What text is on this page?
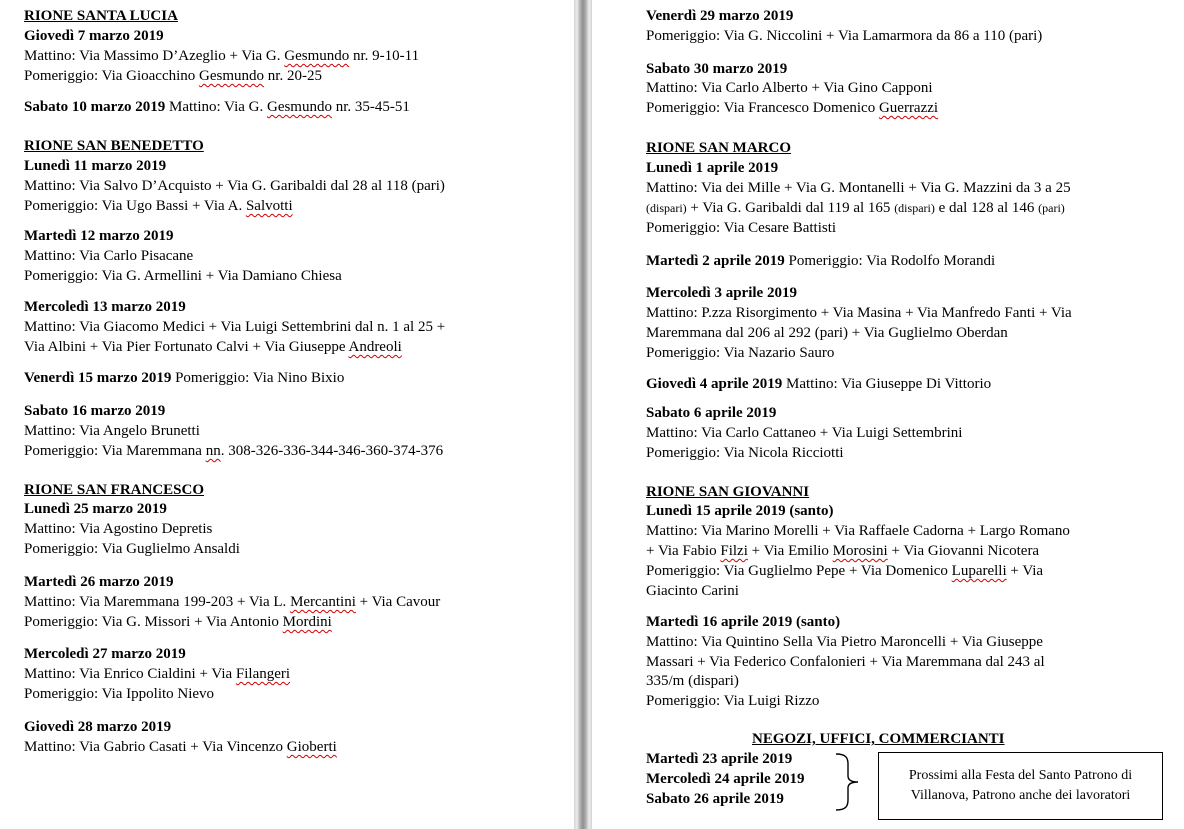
RIONE SANTA LUCIA
Giovedì 7 marzo 2019
Mattino: Via Massimo D’Azeglio + Via G. Gesmundo nr. 9-10-11
Pomeriggio: Via Gioacchino Gesmundo nr. 20-25
Sabato 10 marzo 2019 Mattino: Via G. Gesmundo nr. 35-45-51
RIONE SAN BENEDETTO
Lunedì 11 marzo 2019
Mattino: Via Salvo D’Acquisto + Via G. Garibaldi dal 28 al 118 (pari)
Pomeriggio: Via Ugo Bassi + Via A. Salvotti
Martedì 12 marzo 2019
Mattino: Via Carlo Pisacane
Pomeriggio: Via G. Armellini + Via Damiano Chiesa
Mercoledì 13 marzo 2019
Mattino: Via Giacomo Medici + Via Luigi Settembrini dal n. 1 al 25 +
Via Albini + Via Pier Fortunato Calvi + Via Giuseppe Andreoli
Venerdì 15 marzo 2019 Pomeriggio: Via Nino Bixio
Sabato 16 marzo 2019
Mattino: Via Angelo Brunetti
Pomeriggio: Via Maremmana nn. 308-326-336-344-346-360-374-376
RIONE SAN FRANCESCO
Lunedì 25 marzo 2019
Mattino: Via Agostino Depretis
Pomeriggio: Via Guglielmo Ansaldi
Martedì 26 marzo 2019
Mattino: Via Maremmana 199-203 + Via L. Mercantini + Via Cavour
Pomeriggio: Via G. Missori + Via Antonio Mordini
Mercoledì 27 marzo 2019
Mattino: Via Enrico Cialdini + Via Filangeri
Pomeriggio: Via Ippolito Nievo
Giovedì 28 marzo 2019
Mattino: Via Gabrio Casati + Via Vincenzo Gioberti
Venerdì 29 marzo 2019
Pomeriggio: Via G. Niccolini + Via Lamarmora da 86 a 110 (pari)
Sabato 30 marzo 2019
Mattino: Via Carlo Alberto + Via Gino Capponi
Pomeriggio: Via Francesco Domenico Guerrazzi
RIONE SAN MARCO
Lunedì 1 aprile 2019
Mattino: Via dei Mille + Via G. Montanelli + Via G. Mazzini da 3 a 25
(dispari) + Via G. Garibaldi dal 119 al 165 (dispari) e dal 128 al 146 (pari)
Pomeriggio: Via Cesare Battisti
Martedì 2 aprile 2019 Pomeriggio: Via Rodolfo Morandi
Mercoledì 3 aprile 2019
Mattino: P.zza Risorgimento + Via Masina + Via Manfredo Fanti + Via
Maremmana dal 206 al 292 (pari) + Via Guglielmo Oberdan
Pomeriggio: Via Nazario Sauro
Giovedì 4 aprile 2019 Mattino: Via Giuseppe Di Vittorio
Sabato 6 aprile 2019
Mattino: Via Carlo Cattaneo + Via Luigi Settembrini
Pomeriggio: Via Nicola Ricciotti
RIONE SAN GIOVANNI
Lunedì 15 aprile 2019 (santo)
Mattino: Via Marino Morelli + Via Raffaele Cadorna + Largo Romano
+ Via Fabio Filzi + Via Emilio Morosini + Via Giovanni Nicotera
Pomeriggio: Via Guglielmo Pepe + Via Domenico Luparelli + Via
Giacinto Carini
Martedì 16 aprile 2019 (santo)
Mattino: Via Quintino Sella Via Pietro Maroncelli + Via Giuseppe
Massari + Via Federico Confalonieri + Via Maremmana dal 243 al
335/m (dispari)
Pomeriggio: Via Luigi Rizzo
NEGOZI, UFFICI, COMMERCIANTI
Martedì 23 aprile 2019
Mercoledì 24 aprile 2019
Sabato 26 aprile 2019
Prossimi alla Festa del Santo Patrono di
Villanova, Patrono anche dei lavoratori
